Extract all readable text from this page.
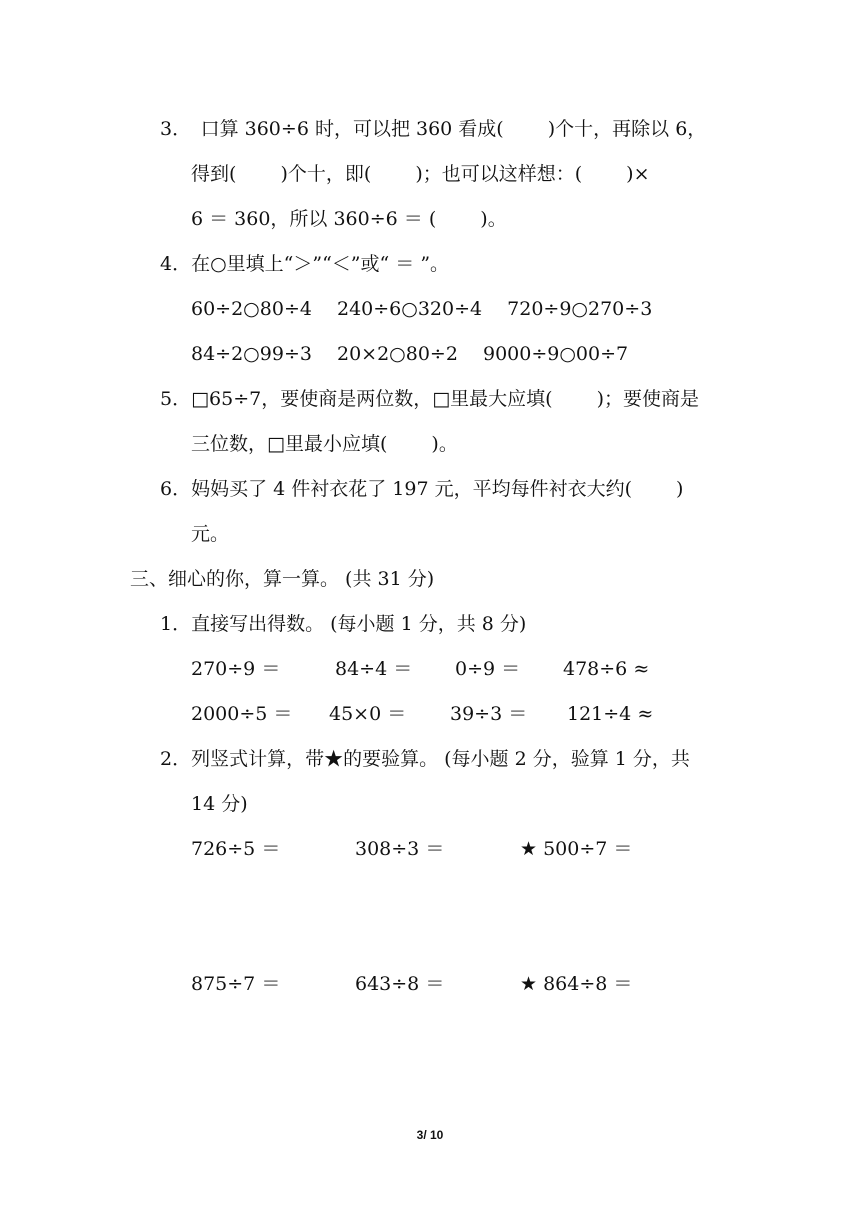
3．　口算 360÷6 时，可以把 360 看成(　　 )个十，再除以 6，
得到(　　 )个十，即(　　 )；也可以这样想：(　　 )×
6 ＝ 360，所以 360÷6 ＝ (　　 )。
4．在○里填上“＞”“＜”或“ ＝ ”。
60÷2○80÷4　 240÷6○320÷4　 720÷9○270÷3
84÷2○99÷3　 20×2○80÷2　 9000÷9○00÷7
5．□65÷7，要使商是两位数，□里最大应填(　　 )；要使商是
三位数，□里最小应填(　　 )。
6．妈妈买了 4 件衬衣花了 197 元，平均每件衬衣大约(　　 )
元。
三、细心的你，算一算。 (共 31 分)
1．直接写出得数。 (每小题 1 分，共 8 分)
270÷9 ＝	84÷4 ＝ 0÷9 ＝ 478÷6 ≈
2000÷5 ＝ 45×0 ＝ 39÷3 ＝ 121÷4 ≈
2．列竖式计算，带★的要验算。 (每小题 2 分，验算 1 分，共
14 分)
726÷5 ＝	308÷3 ＝	★ 500÷7 ＝
875÷7 ＝	643÷8 ＝	★ 864÷8 ＝
3/ 10
